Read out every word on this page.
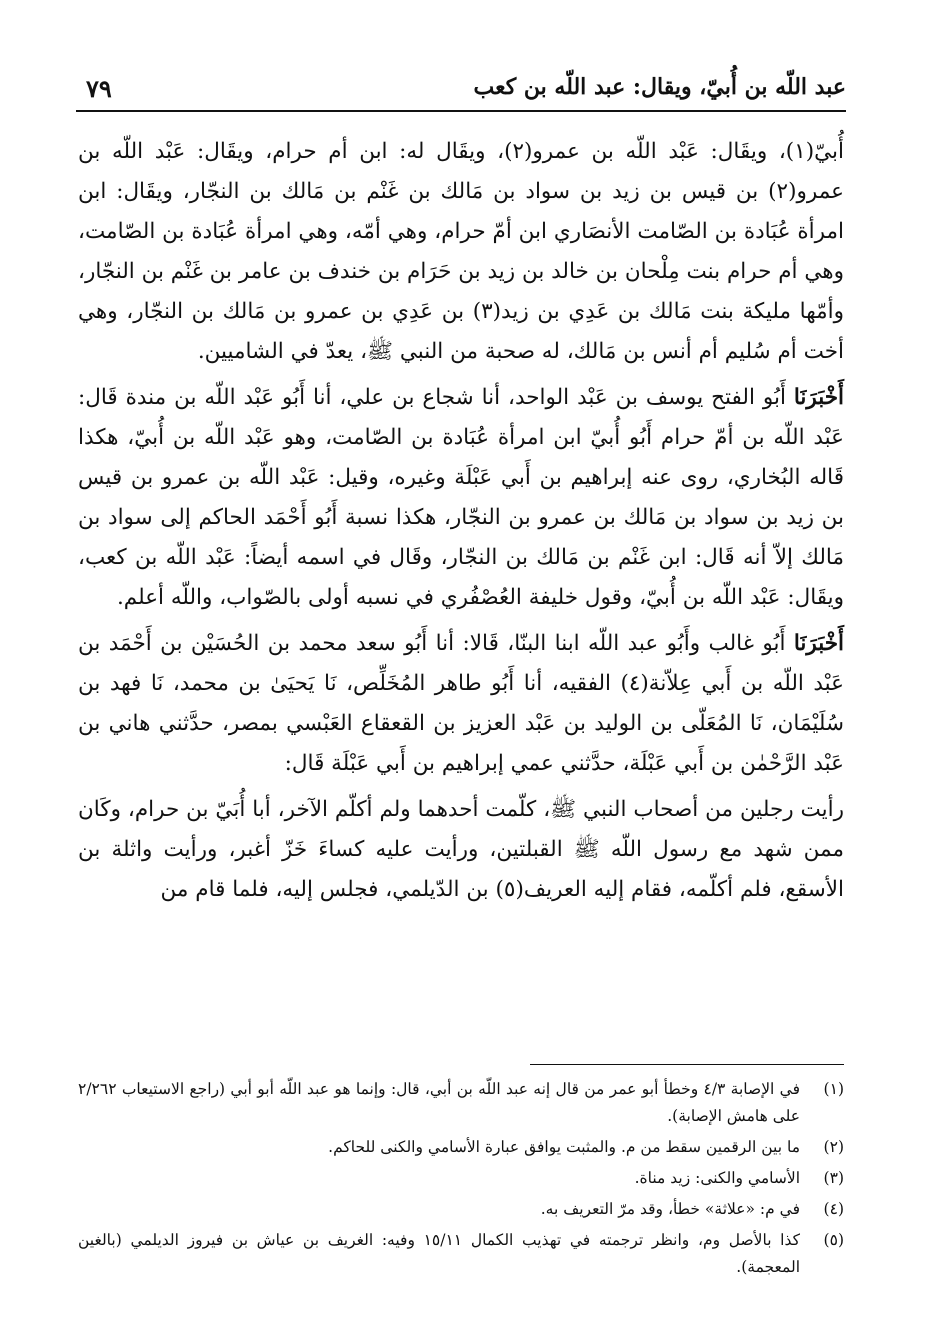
عبد اللّه بن أُبيّ، ويقال: عبد اللّه بن كعب
٧٩

أُبيّ(١)، ويقَال: عَبْد اللّه بن عمرو(٢)، ويقَال له: ابن أم حرام، ويقَال: عَبْد اللّه بن عمرو(٢) بن قيس بن زيد بن سواد بن مَالك بن غَنْم بن مَالك بن النجّار، ويقَال: ابن امرأة عُبَادة بن الصّامت الأنصَاري ابن أمّ حرام، وهي أمّه، وهي امرأة عُبَادة بن الصّامت، وهي أم حرام بنت مِلْحان بن خالد بن زيد بن حَرَام بن خندف بن عامر بن غَنْم بن النجّار، وأمّها مليكة بنت مَالك بن عَدِي بن زيد(٣) بن عَدِي بن عمرو بن مَالك بن النجّار، وهي أخت أم سُليم أم أنس بن مَالك، له صحبة من النبي ﷺ، يعدّ في الشاميين.

أَخْبَرَنَا أَبُو الفتح يوسف بن عَبْد الواحد، أنا شجاع بن علي، أنا أَبُو عَبْد اللّه بن مندة قَال: عَبْد اللّه بن أمّ حرام أَبُو أُبيّ ابن امرأة عُبَادة بن الصّامت، وهو عَبْد اللّه بن أُبيّ، هكذا قَاله البُخاري، روى عنه إبراهيم بن أَبي عَبْلَة وغيره، وقيل: عَبْد اللّه بن عمرو بن قيس بن زيد بن سواد بن مَالك بن عمرو بن النجّار، هكذا نسبة أَبُو أَحْمَد الحاكم إلى سواد بن مَالك إلاّ أنه قَال: ابن غَنْم بن مَالك بن النجّار، وقَال في اسمه أيضاً: عَبْد اللّه بن كعب، ويقَال: عَبْد اللّه بن أُبيّ، وقول خليفة العُصْفُري في نسبه أولى بالصّواب، واللّه أعلم.

أَخْبَرَنَا أَبُو غالب وأَبُو عبد اللّه ابنا البنّا، قَالا: أنا أَبُو سعد محمد بن الحُسَيْن بن أَحْمَد بن عَبْد اللّه بن أَبي عِلاّنة(٤) الفقيه، أنا أَبُو طاهر المُخَلِّص، نَا يَحيَىٰ بن محمد، نَا فهد بن سُلَيْمَان، نَا المُعَلّى بن الوليد بن عَبْد العزيز بن القعقاع العَبْسي بمصر، حدَّثني هاني بن عَبْد الرَّحْمٰن بن أَبي عَبْلَة، حدَّثني عمي إبراهيم بن أَبي عَبْلَة قَال:

رأيت رجلين من أصحاب النبي ﷺ، كلّمت أحدهما ولم أكلّم الآخر، أبا أُبَيّ بن حرام، وكَان ممن شهد مع رسول اللّه ﷺ القبلتين، ورأيت عليه كساءَ خَزّ أغبر، ورأيت واثلة بن الأسقع، فلم أكلّمه، فقام إليه العريف(٥) بن الدّيلمي، فجلس إليه، فلما قام من

(١)
في الإصابة ٤/٣ وخطأ أبو عمر من قال إنه عبد اللّه بن أبي، قال: وإنما هو عبد اللّه أبو أبي (راجع الاستيعاب ٢/٢٦٢ على هامش الإصابة).
(٢)
ما بين الرقمين سقط من م. والمثبت يوافق عبارة الأسامي والكنى للحاكم.
(٣)
الأسامي والكنى: زيد مناة.
(٤)
في م: «علاثة» خطأ، وقد مرّ التعريف به.
(٥)
كذا بالأصل وم، وانظر ترجمته في تهذيب الكمال ١٥/١١ وفيه: الغريف بن عياش بن فيروز الديلمي (بالغين المعجمة).
